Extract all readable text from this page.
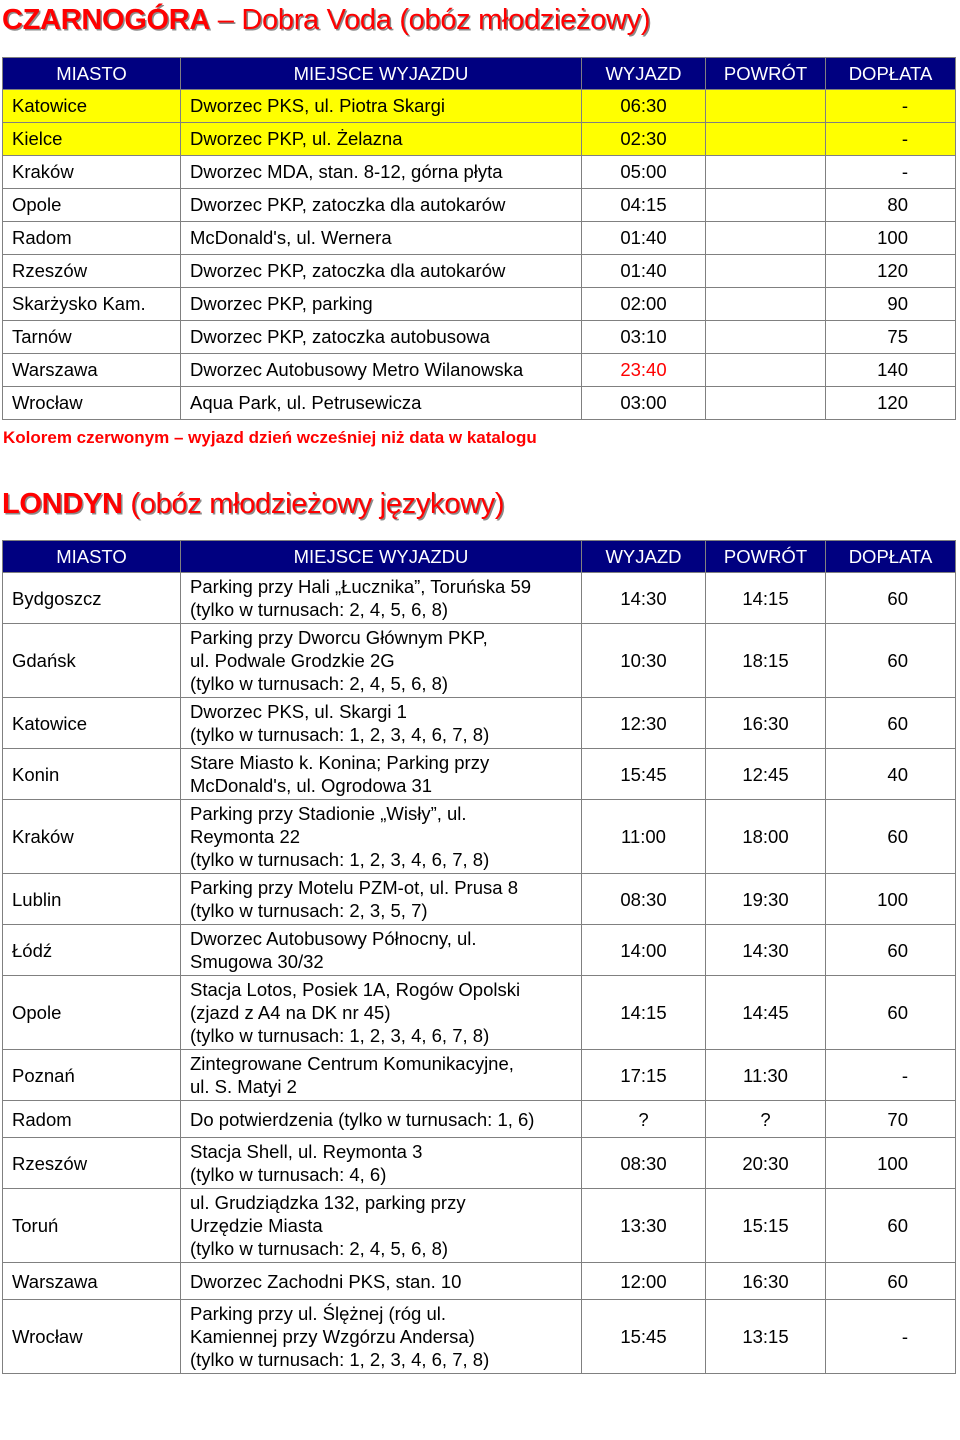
CZARNOGÓRA – Dobra Voda (obóz młodzieżowy)
MIASTO	MIEJSCE WYJAZDU	WYJAZD	POWRÓT	DOPŁATA
Katowice	Dworzec PKS, ul. Piotra Skargi	06:30		-
Kielce	Dworzec PKP, ul. Żelazna	02:30		-
Kraków	Dworzec MDA, stan. 8-12, górna płyta	05:00		-
Opole	Dworzec PKP, zatoczka dla autokarów	04:15		80
Radom	McDonald's, ul. Wernera	01:40		100
Rzeszów	Dworzec PKP, zatoczka dla autokarów	01:40		120
Skarżysko Kam.	Dworzec PKP, parking	02:00		90
Tarnów	Dworzec PKP, zatoczka autobusowa	03:10		75
Warszawa	Dworzec Autobusowy Metro Wilanowska	23:40		140
Wrocław	Aqua Park, ul. Petrusewicza	03:00		120
Kolorem czerwonym – wyjazd dzień wcześniej niż data w katalogu
LONDYN (obóz młodzieżowy językowy)
MIASTO	MIEJSCE WYJAZDU	WYJAZD	POWRÓT	DOPŁATA
Bydgoszcz	Parking przy Hali „Łucznika”, Toruńska 59
(tylko w turnusach: 2, 4, 5, 6, 8)	14:30	14:15	60
Gdańsk	Parking przy Dworcu Głównym PKP,
ul. Podwale Grodzkie 2G
(tylko w turnusach: 2, 4, 5, 6, 8)	10:30	18:15	60
Katowice	Dworzec PKS, ul. Skargi 1
(tylko w turnusach: 1, 2, 3, 4, 6, 7, 8)	12:30	16:30	60
Konin	Stare Miasto k. Konina; Parking przy
McDonald's, ul. Ogrodowa 31	15:45	12:45	40
Kraków	Parking przy Stadionie „Wisły”, ul.
Reymonta 22
(tylko w turnusach: 1, 2, 3, 4, 6, 7, 8)	11:00	18:00	60
Lublin	Parking przy Motelu PZM-ot, ul. Prusa 8
(tylko w turnusach: 2, 3, 5, 7)	08:30	19:30	100
Łódź	Dworzec Autobusowy Północny, ul.
Smugowa 30/32	14:00	14:30	60
Opole	Stacja Lotos, Posiek 1A, Rogów Opolski
(zjazd z A4 na DK nr 45)
(tylko w turnusach: 1, 2, 3, 4, 6, 7, 8)	14:15	14:45	60
Poznań	Zintegrowane Centrum Komunikacyjne,
ul. S. Matyi 2	17:15	11:30	-
Radom	Do potwierdzenia (tylko w turnusach: 1, 6)	?	?	70
Rzeszów	Stacja Shell, ul. Reymonta 3
(tylko w turnusach: 4, 6)	08:30	20:30	100
Toruń	ul. Grudziądzka 132, parking przy
Urzędzie Miasta
(tylko w turnusach: 2, 4, 5, 6, 8)	13:30	15:15	60
Warszawa	Dworzec Zachodni PKS, stan. 10	12:00	16:30	60
Wrocław	Parking przy ul. Ślężnej (róg ul.
Kamiennej przy Wzgórzu Andersa)
(tylko w turnusach: 1, 2, 3, 4, 6, 7, 8)	15:45	13:15	-
